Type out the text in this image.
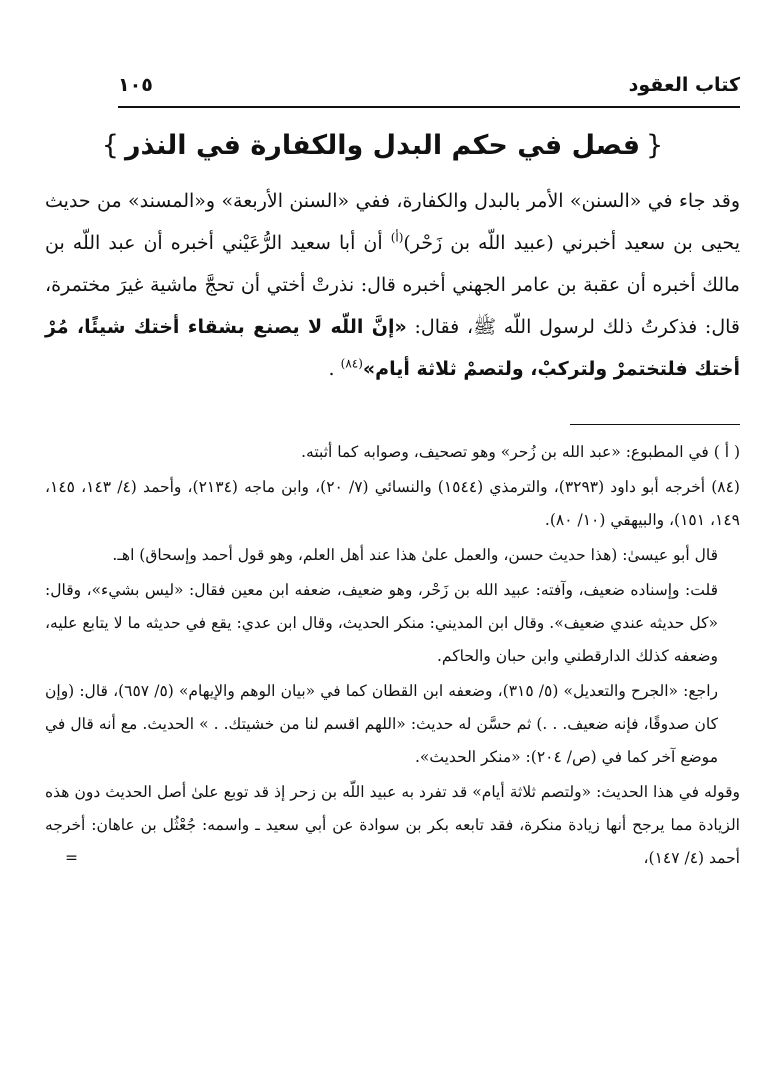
كتاب العقود
١٠٥
{فصل في حكم البدل والكفارة في النذر}

وقد جاء في «السنن» الأمر بالبدل والكفارة، ففي «السنن الأربعة» و«المسند» من حديث يحيى بن سعيد أخبرني (عبيد اللّه بن زَحْر)$^{(أ)}$ أن أبا سعيد الرُّعَيْني أخبره أن عبد اللّه بن مالك أخبره أن عقبة بن عامر الجهني أخبره قال: نذرتْ أختي أن تحجَّ ماشية غيرَ مختمرة، قال: فذكرتُ ذلك لرسول اللّه ﷺ، فقال: «إنَّ اللّه لا يصنع بشقاء أختك شيئًا، مُرْ أختك فلتختمرْ ولتركبْ، ولتصمْ ثلاثة أيام»$^{(٨٤)}$ .

( أ ) في المطبوع: «عبد الله بن زُحر» وهو تصحيف، وصوابه كما أثبته.

(٨٤) أخرجه أبو داود (٣٢٩٣)، والترمذي (١٥٤٤) والنسائي (٧/ ٢٠)، وابن ماجه (٢١٣٤)، وأحمد (٤/ ١٤٣، ١٤٥، ١٤٩، ١٥١)، والبيهقي (١٠/ ٨٠).

قال أبو عيسىٰ: (هذا حديث حسن، والعمل علىٰ هذا عند أهل العلم، وهو قول أحمد وإسحاق) اهـ.

قلت: وإسناده ضعيف، وآفته: عبيد الله بن زَحْر، وهو ضعيف، ضعفه ابن معين فقال: «ليس بشيء»، وقال: «كل حديثه عندي ضعيف». وقال ابن المديني: منكر الحديث، وقال ابن عدي: يقع في حديثه ما لا يتابع عليه، وضعفه كذلك الدارقطني وابن حبان والحاكم.

راجع: «الجرح والتعديل» (٥/ ٣١٥)، وضعفه ابن القطان كما في «بيان الوهم والإيهام» (٥/ ٦٥٧)، قال: (وإن كان صدوقًا، فإنه ضعيف. . .) ثم حسَّن له حديث: «اللهم اقسم لنا من خشيتك. . » الحديث. مع أنه قال في موضع آخر كما في (ص/ ٢٠٤): «منكر الحديث».

وقوله في هذا الحديث: «ولتصم ثلاثة أيام» قد تفرد به عبيد اللّه بن زحر إذ قد توبع علىٰ أصل الحديث دون هذه الزيادة مما يرجح أنها زيادة منكرة، فقد تابعه بكر بن سوادة عن أبي سعيد ـ واسمه: جُعْثُل بن عاهان: أخرجه أحمد (٤/ ١٤٧)،
=
